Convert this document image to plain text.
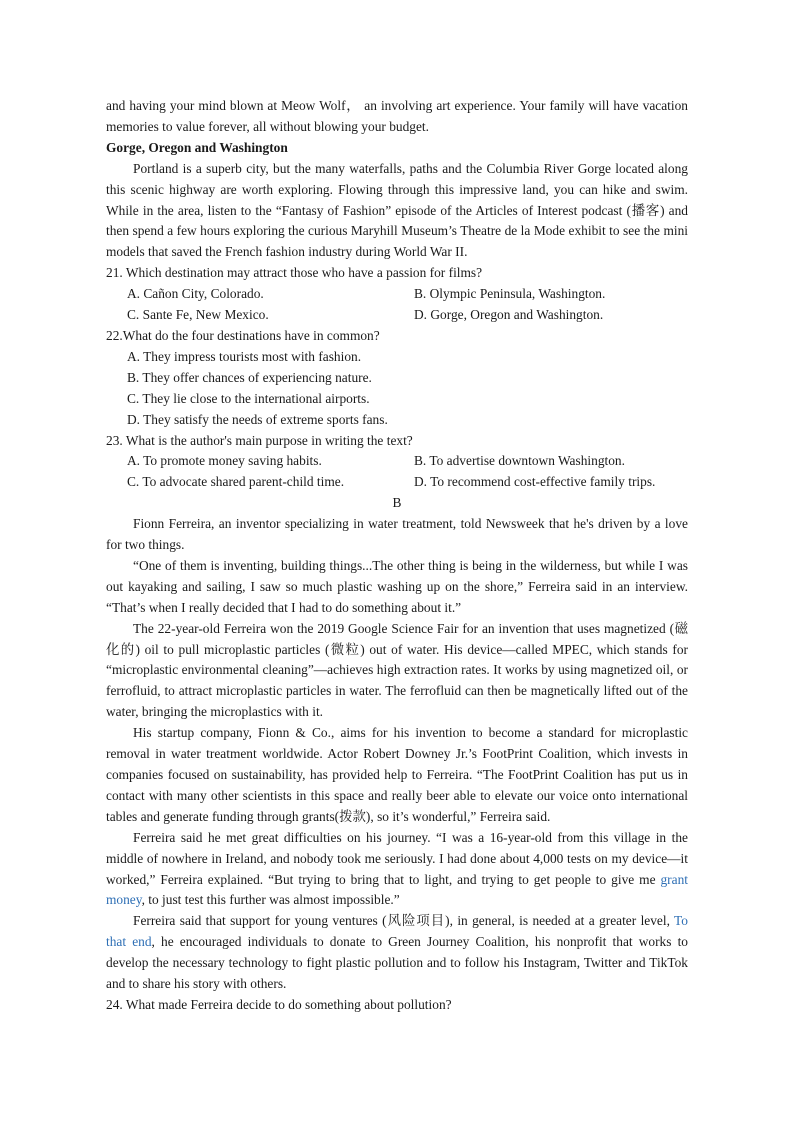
and having your mind blown at Meow Wolf， an involving art experience. Your family will have vacation memories to value forever, all without blowing your budget.

Gorge, Oregon and Washington

Portland is a superb city, but the many waterfalls, paths and the Columbia River Gorge located along this scenic highway are worth exploring. Flowing through this impressive land, you can hike and swim. While in the area, listen to the “Fantasy of Fashion” episode of the Articles of Interest podcast (播客) and then spend a few hours exploring the curious Maryhill Museum’s Theatre de la Mode exhibit to see the mini models that saved the French fashion industry during World War II.

21. Which destination may attract those who have a passion for films?

A. Cañon City, Colorado.	B. Olympic Peninsula, Washington.
C. Sante Fe, New Mexico.	D. Gorge, Oregon and Washington.

22.What do the four destinations have in common?

A. They impress tourists most with fashion.

B. They offer chances of experiencing nature.

C. They lie close to the international airports.

D. They satisfy the needs of extreme sports fans.

23. What is the author's main purpose in writing the text?

A. To promote money saving habits.	B. To advertise downtown Washington.
C. To advocate shared parent-child time.	D. To recommend cost-effective family trips.

B

Fionn Ferreira, an inventor specializing in water treatment, told Newsweek that he's driven by a love for two things.

“One of them is inventing, building things...The other thing is being in the wilderness, but while I was out kayaking and sailing, I saw so much plastic washing up on the shore,” Ferreira said in an interview. “That’s when I really decided that I had to do something about it.”

The 22-year-old Ferreira won the 2019 Google Science Fair for an invention that uses magnetized (磁化的) oil to pull microplastic particles (微粒) out of water. His device—called MPEC, which stands for “microplastic environmental cleaning”—achieves high extraction rates. It works by using magnetized oil, or ferrofluid, to attract microplastic particles in water. The ferrofluid can then be magnetically lifted out of the water, bringing the microplastics with it.

His startup company, Fionn & Co., aims for his invention to become a standard for microplastic removal in water treatment worldwide. Actor Robert Downey Jr.’s FootPrint Coalition, which invests in companies focused on sustainability, has provided help to Ferreira. “The FootPrint Coalition has put us in contact with many other scientists in this space and really beer able to elevate our voice onto international tables and generate funding through grants(拨款), so it’s wonderful,” Ferreira said.

Ferreira said he met great difficulties on his journey. “I was a 16-year-old from this village in the middle of nowhere in Ireland, and nobody took me seriously. I had done about 4,000 tests on my device—it worked,” Ferreira explained. “But trying to bring that to light, and trying to get people to give me grant money, to just test this further was almost impossible.”

Ferreira said that support for young ventures (风险项目), in general, is needed at a greater level, To that end, he encouraged individuals to donate to Green Journey Coalition, his nonprofit that works to develop the necessary technology to fight plastic pollution and to follow his Instagram, Twitter and TikTok and to share his story with others.

24. What made Ferreira decide to do something about pollution?
